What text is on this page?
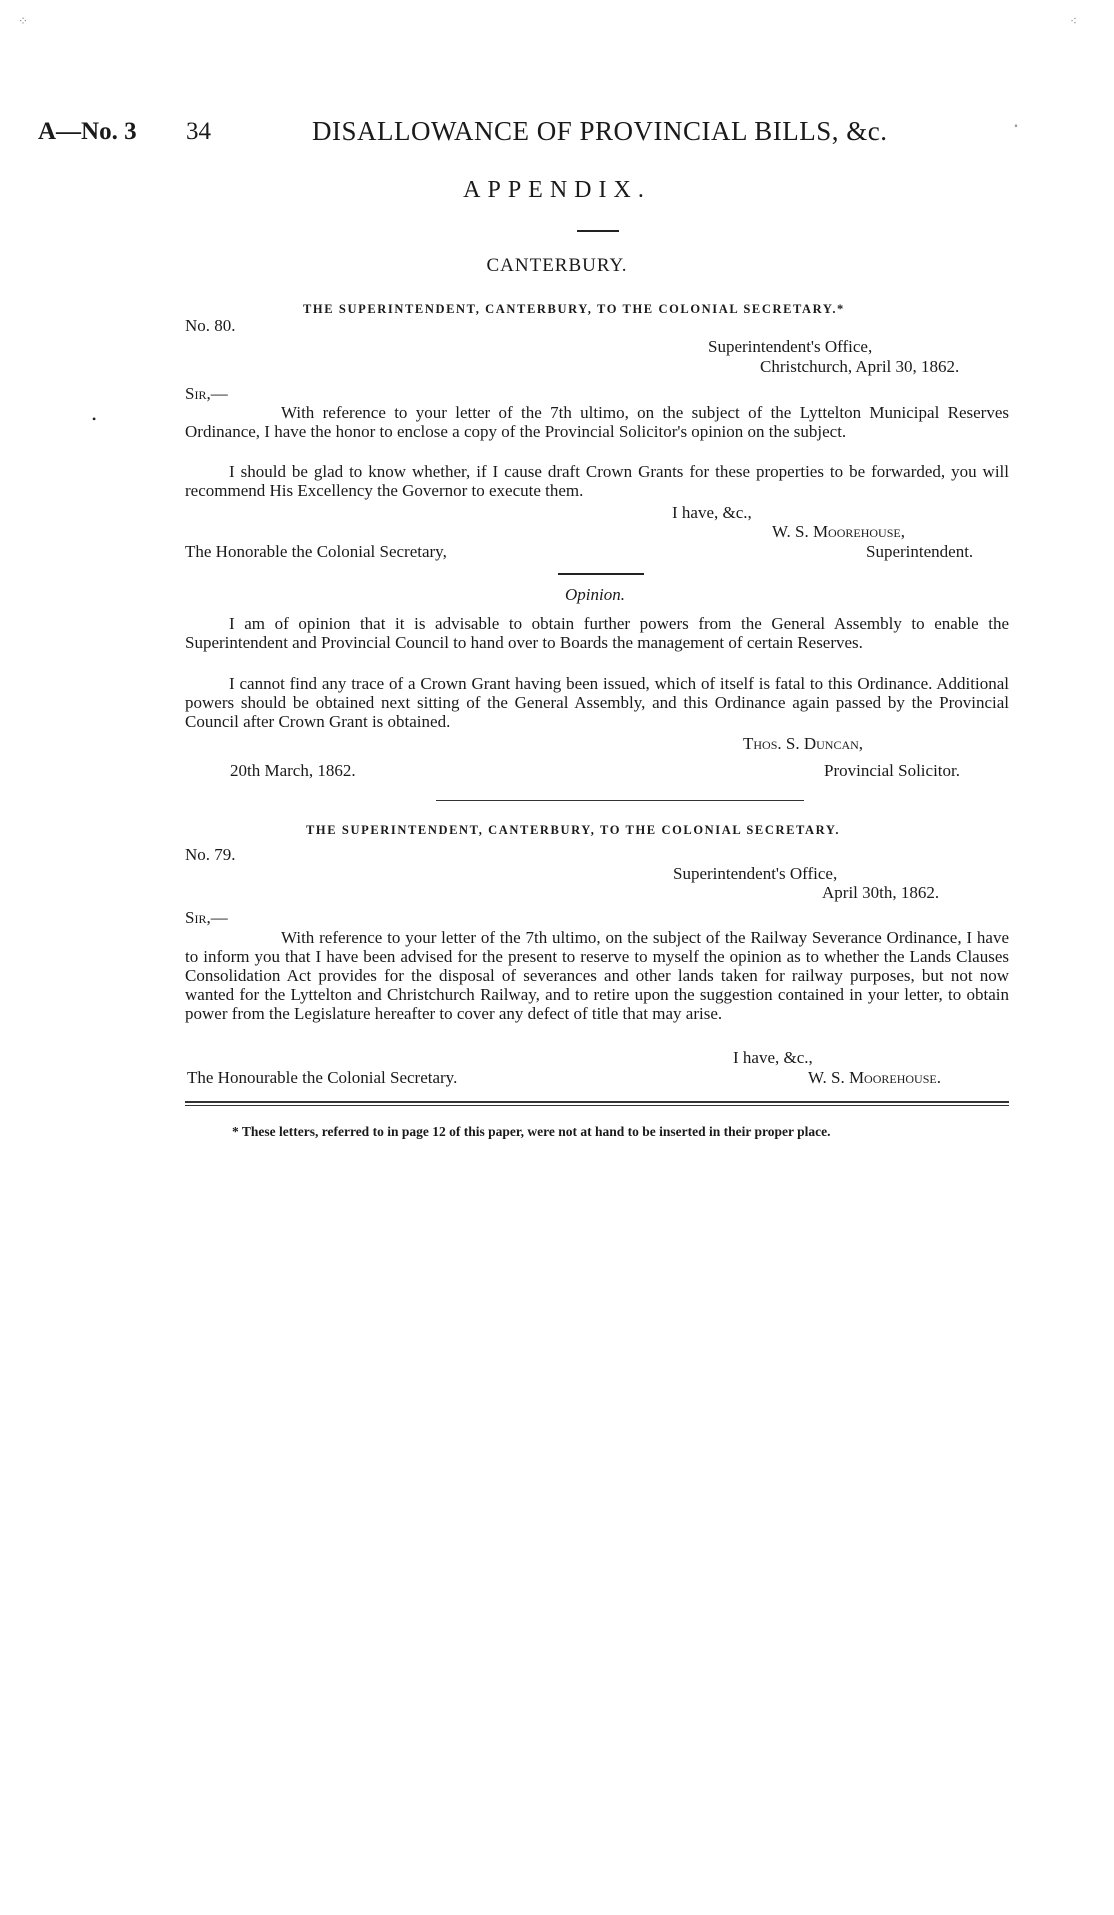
A—No. 3 34	DISALLOWANCE OF PROVINCIAL BILLS, &c.
APPENDIX.
CANTERBURY.
THE SUPERINTENDENT, CANTERBURY, TO THE COLONIAL SECRETARY.*
No. 80.
Superintendent's Office,
Christchurch, April 30, 1862.
Sir,—
With reference to your letter of the 7th ultimo, on the subject of the Lyttelton Municipal Reserves Ordinance, I have the honor to enclose a copy of the Provincial Solicitor's opinion on the subject.
I should be glad to know whether, if I cause draft Crown Grants for these properties to be forwarded, you will recommend His Excellency the Governor to execute them.
I have, &c.,
W. S. Moorehouse,
The Honorable the Colonial Secretary,	Superintendent.
Opinion.
I am of opinion that it is advisable to obtain further powers from the General Assembly to enable the Superintendent and Provincial Council to hand over to Boards the management of certain Reserves.
I cannot find any trace of a Crown Grant having been issued, which of itself is fatal to this Ordinance. Additional powers should be obtained next sitting of the General Assembly, and this Ordinance again passed by the Provincial Council after Crown Grant is obtained.
Thos. S. Duncan,
20th March, 1862.	Provincial Solicitor.
THE SUPERINTENDENT, CANTERBURY, TO THE COLONIAL SECRETARY.
No. 79.
Superintendent's Office,
April 30th, 1862.
Sir,—
With reference to your letter of the 7th ultimo, on the subject of the Railway Severance Ordinance, I have to inform you that I have been advised for the present to reserve to myself the opinion as to whether the Lands Clauses Consolidation Act provides for the disposal of severances and other lands taken for railway purposes, but not now wanted for the Lyttelton and Christchurch Railway, and to retire upon the suggestion contained in your letter, to obtain power from the Legislature hereafter to cover any defect of title that may arise.
I have, &c.,
The Honourable the Colonial Secretary.	W. S. Moorehouse.
* These letters, referred to in page 12 of this paper, were not at hand to be inserted in their proper place.
⁘	⁖
•
˚
